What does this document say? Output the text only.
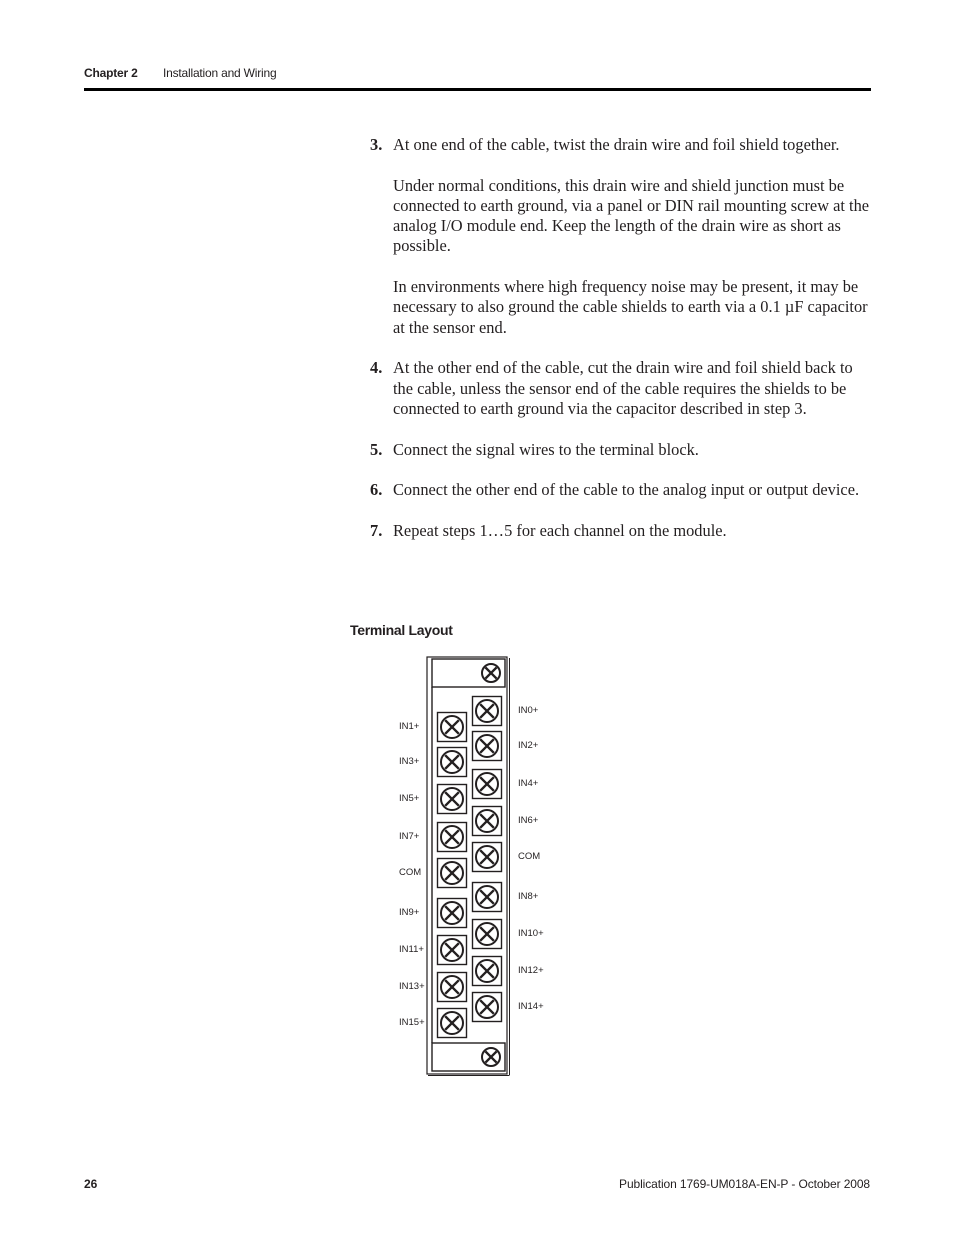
Chapter 2 Installation and Wiring
3. At one end of the cable, twist the drain wire and foil shield together.

Under normal conditions, this drain wire and shield junction must be connected to earth ground, via a panel or DIN rail mounting screw at the analog I/O module end. Keep the length of the drain wire as short as possible.

In environments where high frequency noise may be present, it may be necessary to also ground the cable shields to earth via a 0.1 µF capacitor at the sensor end.

4. At the other end of the cable, cut the drain wire and foil shield back to the cable, unless the sensor end of the cable requires the shields to be connected to earth ground via the capacitor described in step 3.

5. Connect the signal wires to the terminal block.

6. Connect the other end of the cable to the analog input or output device.

7. Repeat steps 1…5 for each channel on the module.

Terminal Layout
IN1+
IN3+
IN5+
IN7+
COM
IN9+
IN11+
IN13+
IN15+
IN0+
IN2+
IN4+
IN6+
COM
IN8+
IN10+
IN12+
IN14+
26	Publication 1769-UM018A-EN-P - October 2008
